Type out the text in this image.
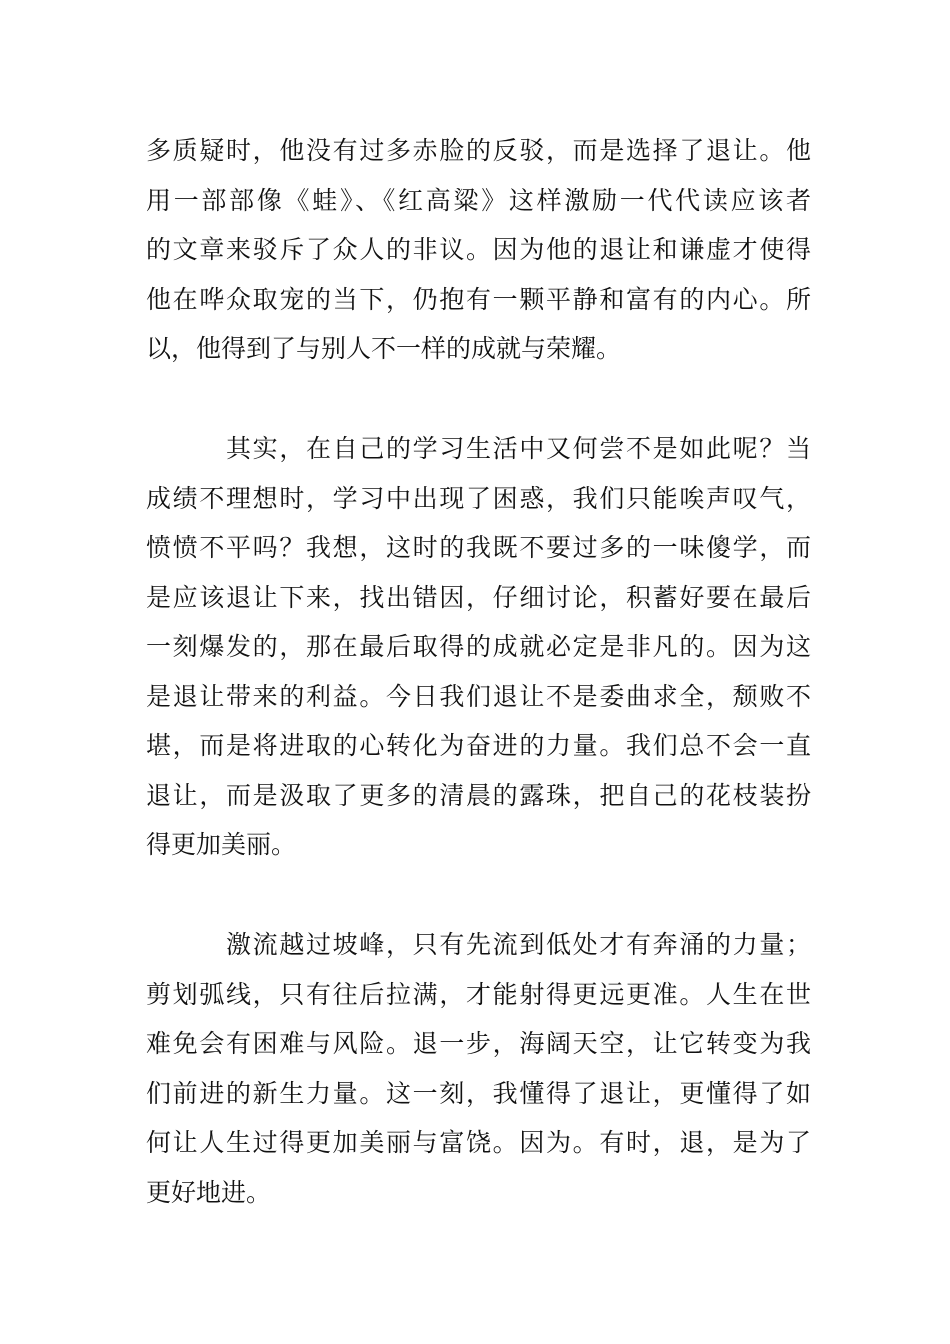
多质疑时，他没有过多赤脸的反驳，而是选择了退让。他
用一部部像《蛙》、《红高粱》这样激励一代代读应该者
的文章来驳斥了众人的非议。因为他的退让和谦虚才使得
他在哗众取宠的当下，仍抱有一颗平静和富有的内心。所
以，他得到了与别人不一样的成就与荣耀。

其实，在自己的学习生活中又何尝不是如此呢？当
成绩不理想时，学习中出现了困惑，我们只能唉声叹气，
愤愤不平吗？我想，这时的我既不要过多的一味傻学，而
是应该退让下来，找出错因，仔细讨论，积蓄好要在最后
一刻爆发的，那在最后取得的成就必定是非凡的。因为这
是退让带来的利益。今日我们退让不是委曲求全，颓败不
堪，而是将进取的心转化为奋进的力量。我们总不会一直
退让，而是汲取了更多的清晨的露珠，把自己的花枝装扮
得更加美丽。

激流越过坡峰，只有先流到低处才有奔涌的力量；
剪划弧线，只有往后拉满，才能射得更远更准。人生在世
难免会有困难与风险。退一步，海阔天空，让它转变为我
们前进的新生力量。这一刻，我懂得了退让，更懂得了如
何让人生过得更加美丽与富饶。因为。有时，退，是为了
更好地进。
